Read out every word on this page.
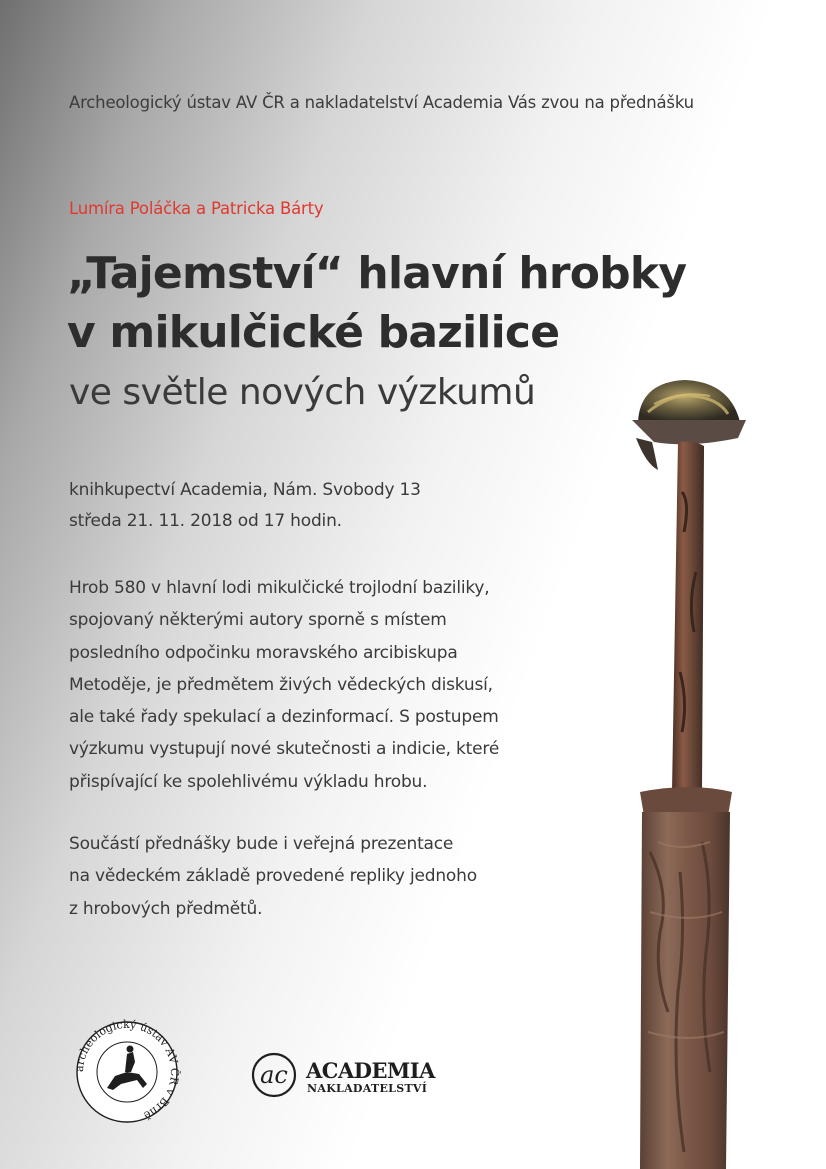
Archeologický ústav AV ČR a nakladatelství Academia Vás zvou na přednášku
Lumíra Poláčka a Patricka Bárty
„Tajemství“ hlavní hrobky
v mikulčické bazilice
ve světle nových výzkumů
knihkupectví Academia, Nám. Svobody 13
středa 21. 11. 2018 od 17 hodin.
Hrob 580 v hlavní lodi mikulčické trojlodní baziliky,
spojovaný některými autory sporně s místem
posledního odpočinku moravského arcibiskupa
Metoděje, je předmětem živých vědeckých diskusí,
ale také řady spekulací a dezinformací. S postupem
výzkumu vystupují nové skutečnosti a indicie, které
přispívající ke spolehlivému výkladu hrobu.
Součástí přednášky bude i veřejná prezentace
na vědeckém základě provedené repliky jednoho
z hrobových předmětů.
archeologický ústav AV ČR v Brně
ac ACADEMIA
NAKLADATELSTVÍ
